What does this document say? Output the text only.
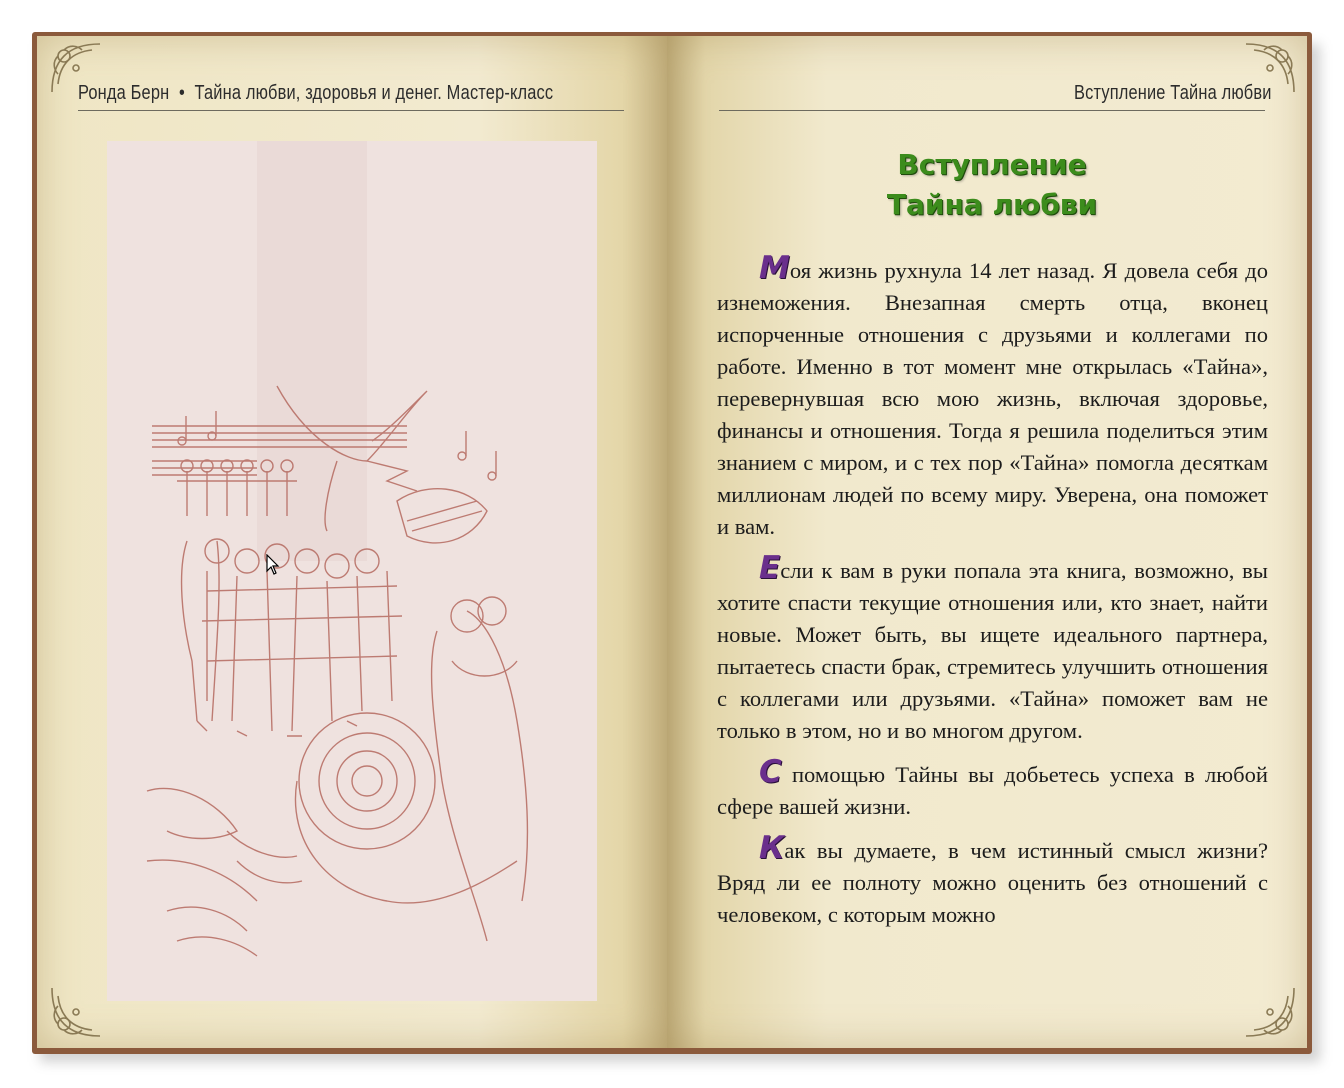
Ронда Берн • Тайна любви, здоровья и денег. Мастер-класс	Вступление Тайна любви
Вступление
Тайна любви

Моя жизнь рухнула 14 лет назад. Я довела себя до изнеможения. Внезапная смерть отца, вконец испорченные отношения с друзьями и коллегами по работе. Именно в тот момент мне открылась «Тайна», перевернувшая всю мою жизнь, включая здоровье, финансы и отношения. Тогда я решила поделиться этим знанием с миром, и с тех пор «Тайна» помогла десяткам миллионам людей по всему миру. Уверена, она поможет и вам.

Если к вам в руки попала эта книга, возможно, вы хотите спасти текущие отношения или, кто знает, найти новые. Может быть, вы ищете идеального партнера, пытаетесь спасти брак, стремитесь улучшить отношения с коллегами или друзьями. «Тайна» поможет вам не только в этом, но и во многом другом.

С помощью Тайны вы добьетесь успеха в любой сфере вашей жизни.

Как вы думаете, в чем истинный смысл жизни? Вряд ли ее полноту можно оценить без отношений с человеком, с которым можно
